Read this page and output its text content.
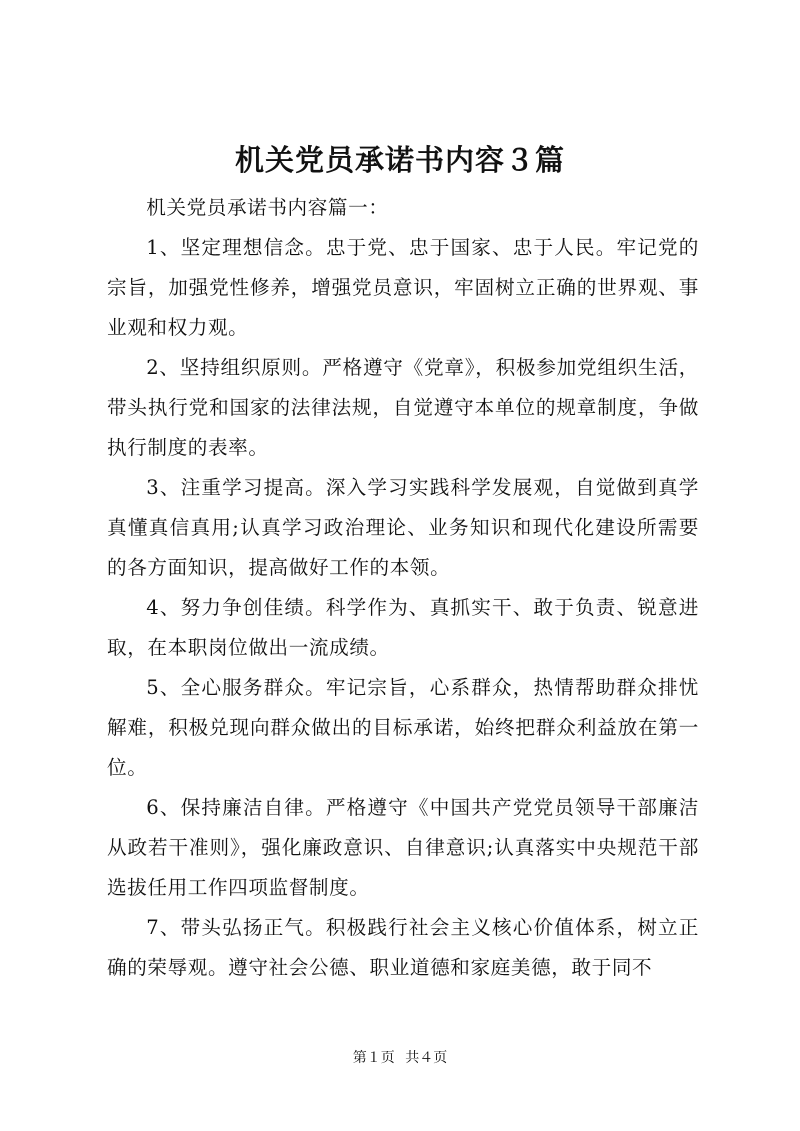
机关党员承诺书内容３篇

机关党员承诺书内容篇一：

1、坚定理想信念。忠于党、忠于国家、忠于人民。牢记党的宗旨，加强党性修养，增强党员意识，牢固树立正确的世界观、事业观和权力观。

2、坚持组织原则。严格遵守《党章》，积极参加党组织生活，带头执行党和国家的法律法规，自觉遵守本单位的规章制度，争做执行制度的表率。

3、注重学习提高。深入学习实践科学发展观，自觉做到真学真懂真信真用;认真学习政治理论、业务知识和现代化建设所需要的各方面知识，提高做好工作的本领。

4、努力争创佳绩。科学作为、真抓实干、敢于负责、锐意进取，在本职岗位做出一流成绩。

5、全心服务群众。牢记宗旨，心系群众，热情帮助群众排忧解难，积极兑现向群众做出的目标承诺，始终把群众利益放在第一位。

6、保持廉洁自律。严格遵守《中国共产党党员领导干部廉洁从政若干准则》，强化廉政意识、自律意识;认真落实中央规范干部选拔任用工作四项监督制度。

7、带头弘扬正气。积极践行社会主义核心价值体系，树立正确的荣辱观。遵守社会公德、职业道德和家庭美德，敢于同不

第１页 共４页
